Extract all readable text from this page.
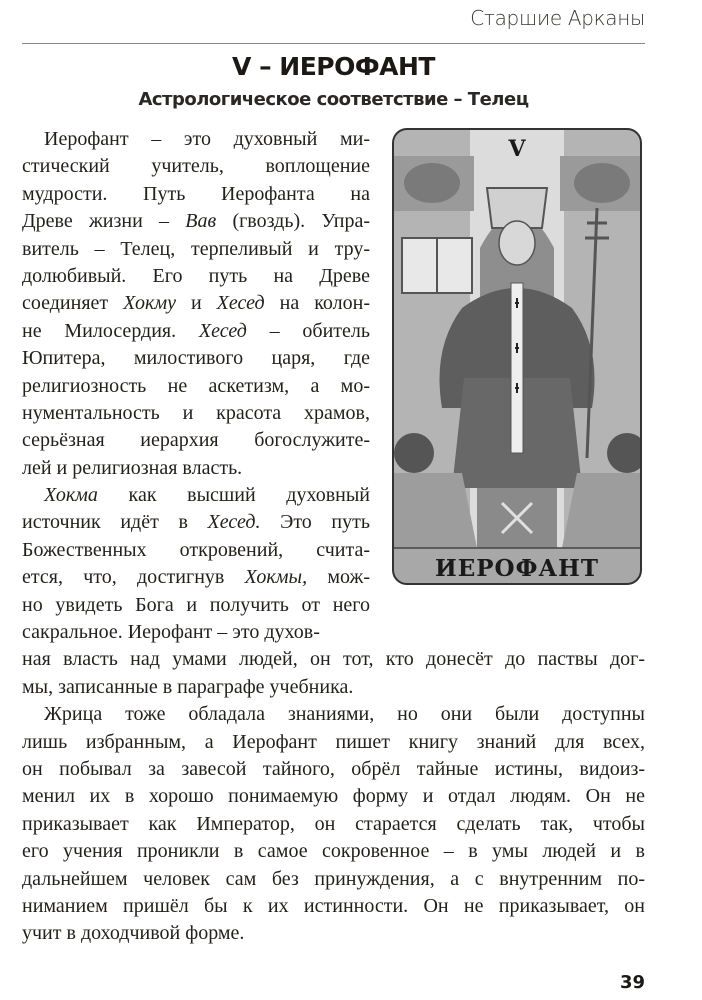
Старшие Арканы
V – ИЕРОФАНТ
Астрологическое соответствие – Телец
Иерофант – это духовный ми-
стический учитель, воплощение
мудрости. Путь Иерофанта на
Древе жизни – Вав (гвоздь). Упра-
витель – Телец, терпеливый и тру-
долюбивый. Его путь на Древе
соединяет Хокму и Хесед на колон-
не Милосердия. Хесед – обитель
Юпитера, милостивого царя, где
религиозность не аскетизм, а мо-
нументальность и красота храмов,
серьёзная иерархия богослужите-
лей и религиозная власть.
Хокма как высший духовный
источник идёт в Хесед. Это путь
Божественных откровений, счита-
ется, что, достигнув Хокмы, мож-
но увидеть Бога и получить от него
сакральное. Иерофант – это духов-
ная власть над умами людей, он тот, кто донесёт до паствы дог-
мы, записанные в параграфе учебника.
Жрица тоже обладала знаниями, но они были доступны
лишь избранным, а Иерофант пишет книгу знаний для всех,
он побывал за завесой тайного, обрёл тайные истины, видоиз-
менил их в хорошо понимаемую форму и отдал людям. Он не
приказывает как Император, он старается сделать так, чтобы
его учения проникли в самое сокровенное – в умы людей и в
дальнейшем человек сам без принуждения, а с внутренним по-
ниманием пришёл бы к их истинности. Он не приказывает, он
учит в доходчивой форме.
V
ИЕРОФАНТ
39
